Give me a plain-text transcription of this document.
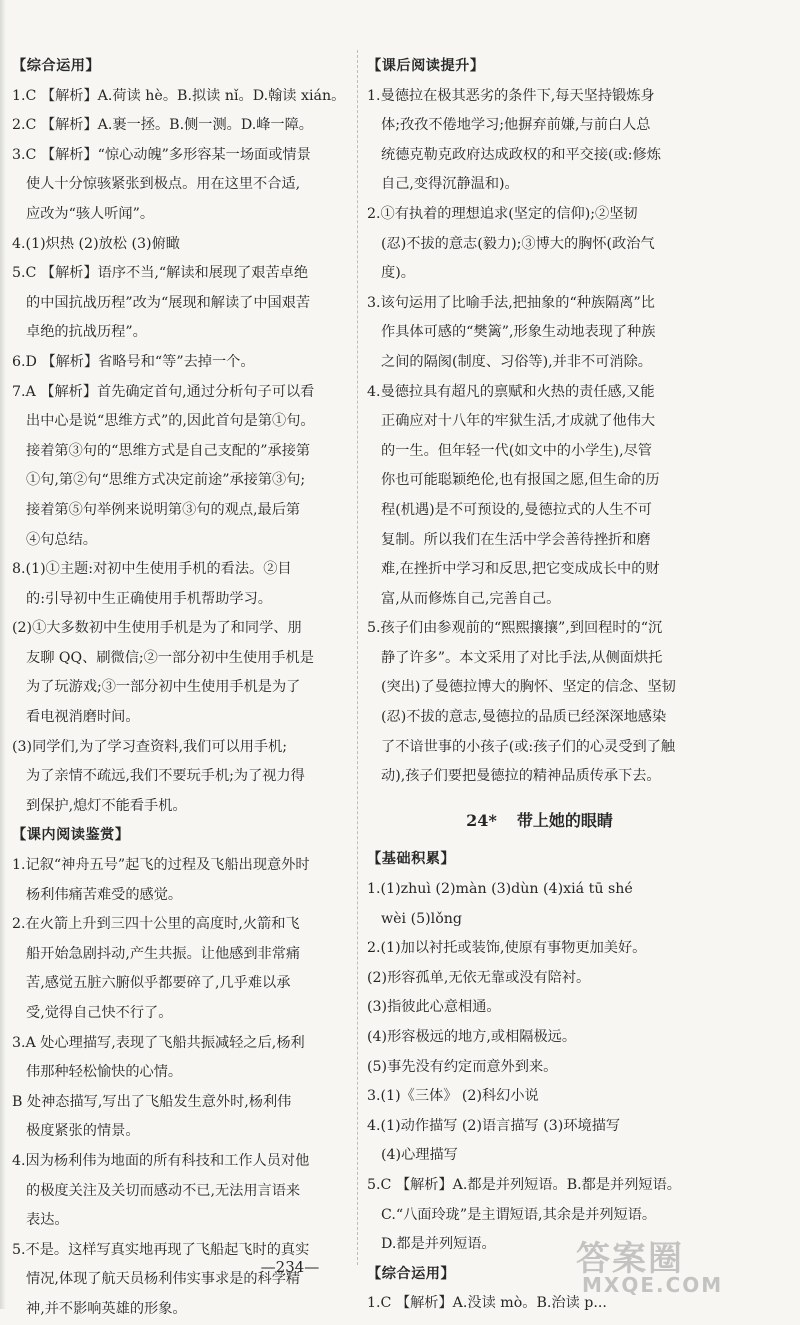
【综合运用】
1.C 【解析】A.荷读 hè。B.拟读 nǐ。D.翰读 xián。
2.C 【解析】A.裹一拯。B.侧一测。D.峰一障。
3.C 【解析】“惊心动魄”多形容某一场面或情景
使人十分惊骇紧张到极点。用在这里不合适,
应改为“骇人听闻”。
4.(1)炽热 (2)放松 (3)俯瞰
5.C 【解析】语序不当,“解读和展现了艰苦卓绝
的中国抗战历程”改为“展现和解读了中国艰苦
卓绝的抗战历程”。
6.D 【解析】省略号和“等”去掉一个。
7.A 【解析】首先确定首句,通过分析句子可以看
出中心是说“思维方式”的,因此首句是第①句。
接着第③句的“思维方式是自己支配的”承接第
①句,第②句“思维方式决定前途”承接第③句;
接着第⑤句举例来说明第③句的观点,最后第
④句总结。
8.(1)①主题:对初中生使用手机的看法。②目
的:引导初中生正确使用手机帮助学习。
(2)①大多数初中生使用手机是为了和同学、朋
友聊 QQ、刷微信;②一部分初中生使用手机是
为了玩游戏;③一部分初中生使用手机是为了
看电视消磨时间。
(3)同学们,为了学习查资料,我们可以用手机;
为了亲情不疏远,我们不要玩手机;为了视力得
到保护,熄灯不能看手机。
【课内阅读鉴赏】
1.记叙“神舟五号”起飞的过程及飞船出现意外时
杨利伟痛苦难受的感觉。
2.在火箭上升到三四十公里的高度时,火箭和飞
船开始急剧抖动,产生共振。让他感到非常痛
苦,感觉五脏六腑似乎都要碎了,几乎难以承
受,觉得自己快不行了。
3.A 处心理描写,表现了飞船共振减轻之后,杨利
伟那种轻松愉快的心情。
B 处神态描写,写出了飞船发生意外时,杨利伟
极度紧张的情景。
4.因为杨利伟为地面的所有科技和工作人员对他
的极度关注及关切而感动不已,无法用言语来
表达。
5.不是。这样写真实地再现了飞船起飞时的真实
情况,体现了航天员杨利伟实事求是的科学精
神,并不影响英雄的形象。
【课后阅读提升】
1.曼德拉在极其恶劣的条件下,每天坚持锻炼身
体;孜孜不倦地学习;他摒弃前嫌,与前白人总
统德克勒克政府达成政权的和平交接(或:修炼
自己,变得沉静温和)。
2.①有执着的理想追求(坚定的信仰);②坚韧
(忍)不拔的意志(毅力);③博大的胸怀(政治气
度)。
3.该句运用了比喻手法,把抽象的“种族隔离”比
作具体可感的“樊篱”,形象生动地表现了种族
之间的隔阂(制度、习俗等),并非不可消除。
4.曼德拉具有超凡的禀赋和火热的责任感,又能
正确应对十八年的牢狱生活,才成就了他伟大
的一生。但年轻一代(如文中的小学生),尽管
你也可能聪颖绝伦,也有报国之愿,但生命的历
程(机遇)是不可预设的,曼德拉式的人生不可
复制。所以我们在生活中学会善待挫折和磨
难,在挫折中学习和反思,把它变成成长中的财
富,从而修炼自己,完善自己。
5.孩子们由参观前的“熙熙攘攘”,到回程时的“沉
静了许多”。本文采用了对比手法,从侧面烘托
(突出)了曼德拉博大的胸怀、坚定的信念、坚韧
(忍)不拔的意志,曼德拉的品质已经深深地感染
了不谙世事的小孩子(或:孩子们的心灵受到了触
动),孩子们要把曼德拉的精神品质传承下去。
24* 带上她的眼睛
【基础积累】
1.(1)zhuì (2)màn (3)dùn (4)xiá tū shé
wèi (5)lǒng
2.(1)加以衬托或装饰,使原有事物更加美好。
(2)形容孤单,无依无靠或没有陪衬。
(3)指彼此心意相通。
(4)形容极远的地方,或相隔极远。
(5)事先没有约定而意外到来。
3.(1)《三体》 (2)科幻小说
4.(1)动作描写 (2)语言描写 (3)环境描写
(4)心理描写
5.C 【解析】A.都是并列短语。B.都是并列短语。
C.“八面玲珑”是主谓短语,其余是并列短语。
D.都是并列短语。
【综合运用】
1.C 【解析】A.没读 mò。B.治读 p...
—234—	答案圈
MXQE.COM
